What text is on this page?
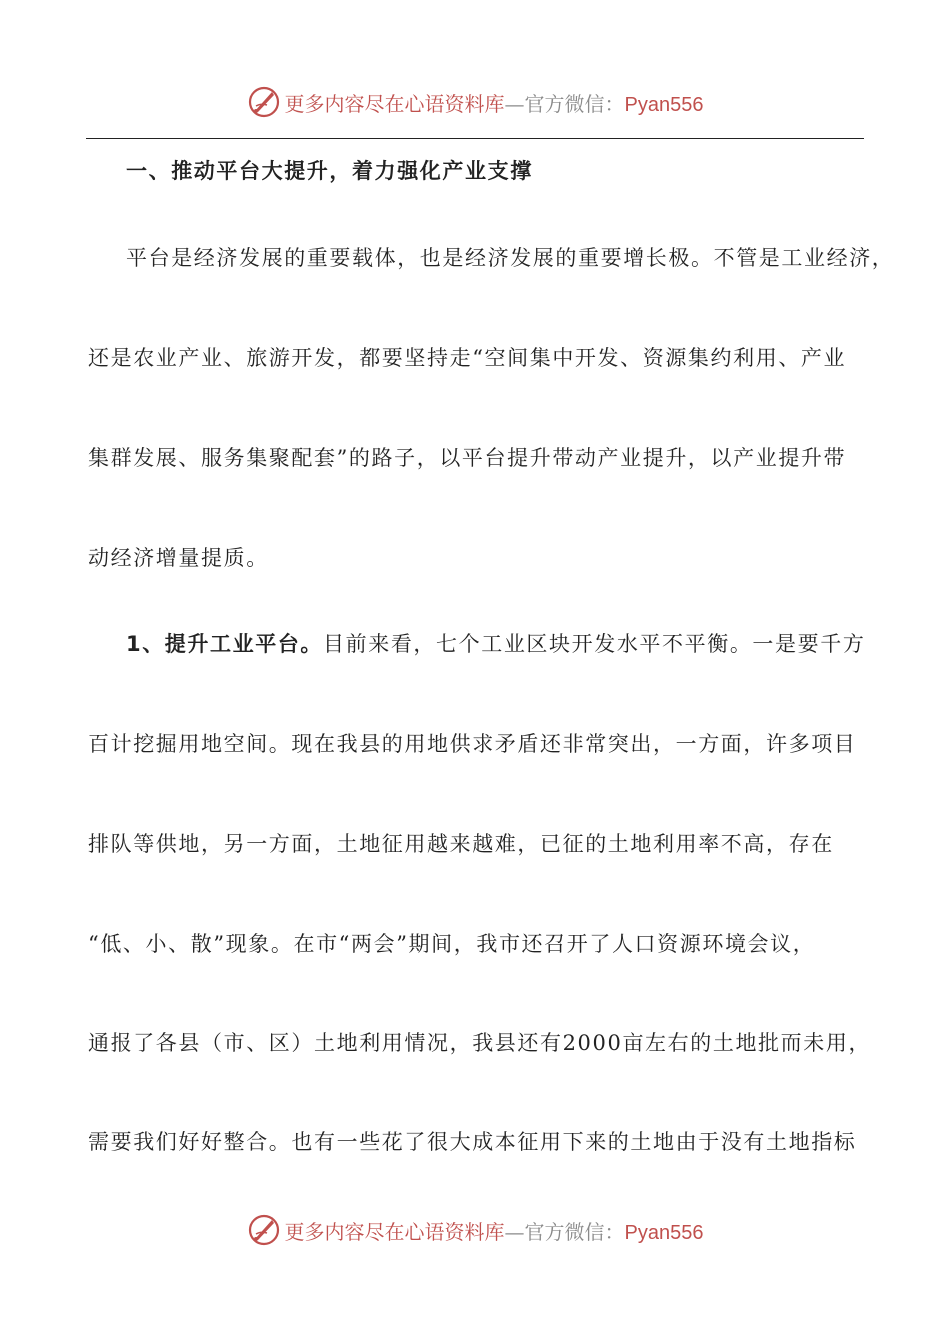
更多内容尽在心语资料库—官方微信：Pyan556
一、推动平台大提升，着力强化产业支撑
平台是经济发展的重要载体，也是经济发展的重要增长极。不管是工业经济，
还是农业产业、旅游开发，都要坚持走“空间集中开发、资源集约利用、产业
集群发展、服务集聚配套”的路子，以平台提升带动产业提升，以产业提升带
动经济增量提质。
1、提升工业平台。目前来看，七个工业区块开发水平不平衡。一是要千方
百计挖掘用地空间。现在我县的用地供求矛盾还非常突出，一方面，许多项目
排队等供地，另一方面，土地征用越来越难，已征的土地利用率不高，存在
“低、小、散”现象。在市“两会”期间，我市还召开了人口资源环境会议，
通报了各县（市、区）土地利用情况，我县还有2000亩左右的土地批而未用，
需要我们好好整合。也有一些花了很大成本征用下来的土地由于没有土地指标
更多内容尽在心语资料库—官方微信：Pyan556
